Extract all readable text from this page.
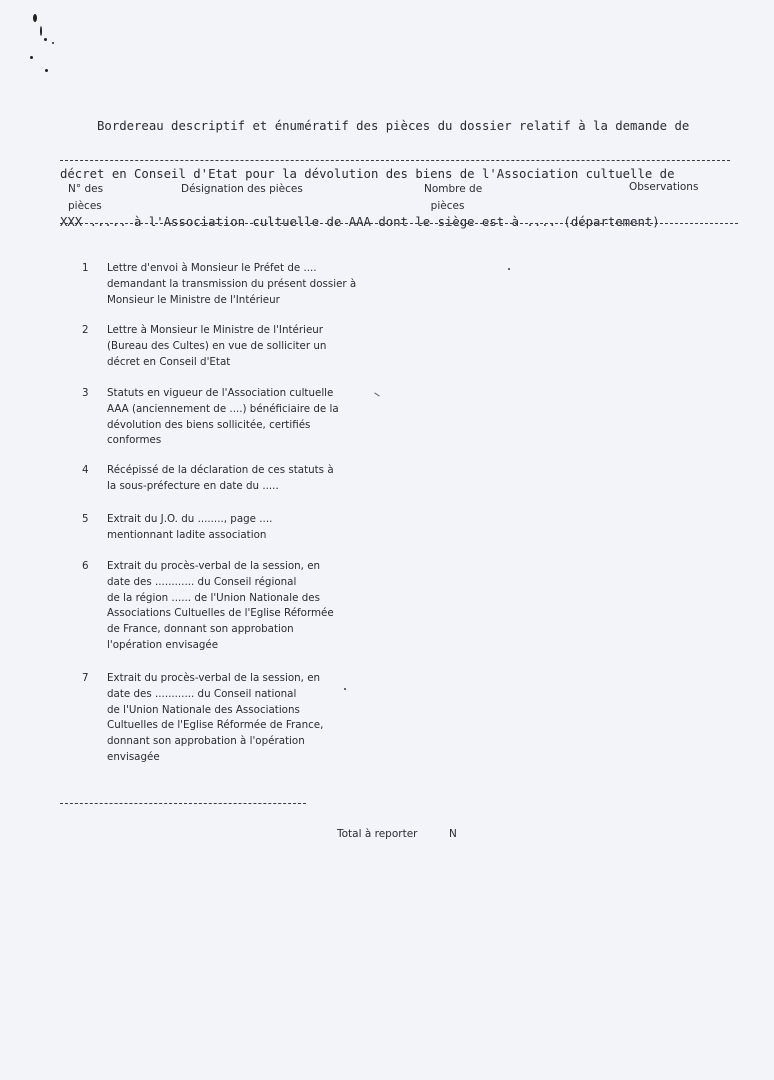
Bordereau descriptif et énumératif des pièces du dossier relatif à la demande de

décret en Conseil d'Etat pour la dévolution des biens de l'Association cultuelle de

XXX ..... à l'Association cultuelle de AAA dont le siège est à .... (département)

N° des
pièces
Désignation des pièces	Nombre de
pièces
Observations
1 Lettre d'envoi à Monsieur le Préfet de ....
demandant la transmission du présent dossier à
Monsieur le Ministre de l'Intérieur
2 Lettre à Monsieur le Ministre de l'Intérieur
(Bureau des Cultes) en vue de solliciter un
décret en Conseil d'Etat
3 Statuts en vigueur de l'Association cultuelle
AAA (anciennement de ....) bénéficiaire de la
dévolution des biens sollicitée, certifiés
conformes
4 Récépissé de la déclaration de ces statuts à
la sous-préfecture en date du .....
5 Extrait du J.O. du ........, page ....
mentionnant ladite association
6 Extrait du procès-verbal de la session, en
date des ............ du Conseil régional
de la région ...... de l'Union Nationale des
Associations Cultuelles de l'Eglise Réformée
de France, donnant son approbation
l'opération envisagée
7 Extrait du procès-verbal de la session, en
date des ............ du Conseil national
de l'Union Nationale des Associations
Cultuelles de l'Eglise Réformée de France,
donnant son approbation à l'opération
envisagée
Total à reporter	N
